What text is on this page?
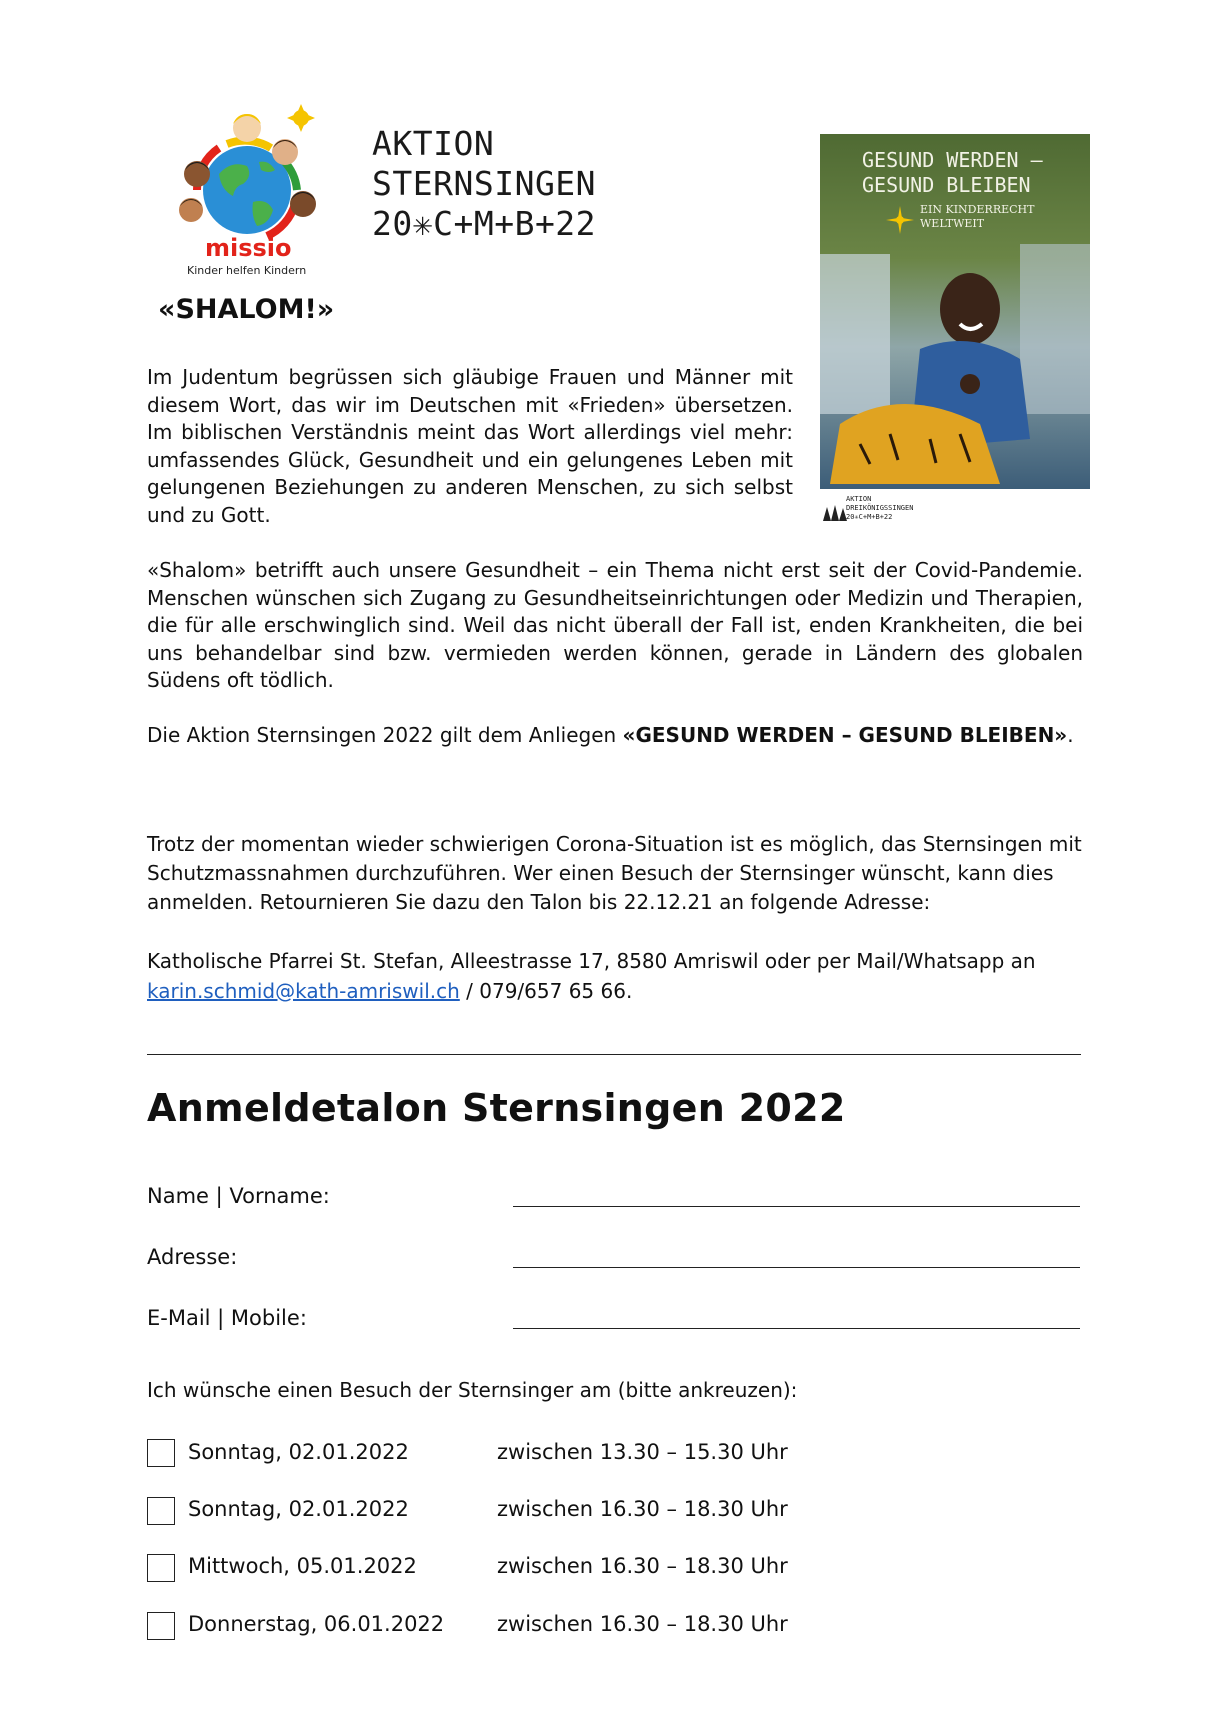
missio
Kinder helfen Kindern
AKTION
STERNSINGEN
20✳C+M+B+22
GESUND WERDEN –
GESUND BLEIBEN
EIN KINDERRECHT
WELTWEIT
AKTION
DREIKÖNIGSSINGEN
20✳C+M+B+22
«SHALOM!»

Im Judentum begrüssen sich gläubige Frauen und Männer mit diesem Wort, das wir im Deutschen mit «Frieden» übersetzen. Im biblischen Verständnis meint das Wort allerdings viel mehr: umfassendes Glück, Gesundheit und ein gelungenes Leben mit gelungenen Beziehungen zu anderen Menschen, zu sich selbst und zu Gott.

«Shalom» betrifft auch unsere Gesundheit – ein Thema nicht erst seit der Covid-Pandemie. Menschen wünschen sich Zugang zu Gesundheitseinrichtungen oder Medizin und Therapien, die für alle erschwinglich sind. Weil das nicht überall der Fall ist, enden Krankheiten, die bei uns behandelbar sind bzw. vermieden werden können, gerade in Ländern des globalen Südens oft tödlich.

Die Aktion Sternsingen 2022 gilt dem Anliegen «GESUND WERDEN – GESUND BLEIBEN».

Trotz der momentan wieder schwierigen Corona-Situation ist es möglich, das Sternsingen mit Schutzmassnahmen durchzuführen. Wer einen Besuch der Sternsinger wünscht, kann dies anmelden. Retournieren Sie dazu den Talon bis 22.12.21 an folgende Adresse:

Katholische Pfarrei St. Stefan, Alleestrasse 17, 8580 Amriswil oder per Mail/Whatsapp an
karin.schmid@kath-amriswil.ch / 079/657 65 66.

Anmeldetalon Sternsingen 2022
Name | Vorname:
Adresse:
E-Mail | Mobile:
Ich wünsche einen Besuch der Sternsinger am (bitte ankreuzen):
Sonntag, 02.01.2022	zwischen 13.30 – 15.30 Uhr
Sonntag, 02.01.2022	zwischen 16.30 – 18.30 Uhr
Mittwoch, 05.01.2022	zwischen 16.30 – 18.30 Uhr
Donnerstag, 06.01.2022	zwischen 16.30 – 18.30 Uhr
